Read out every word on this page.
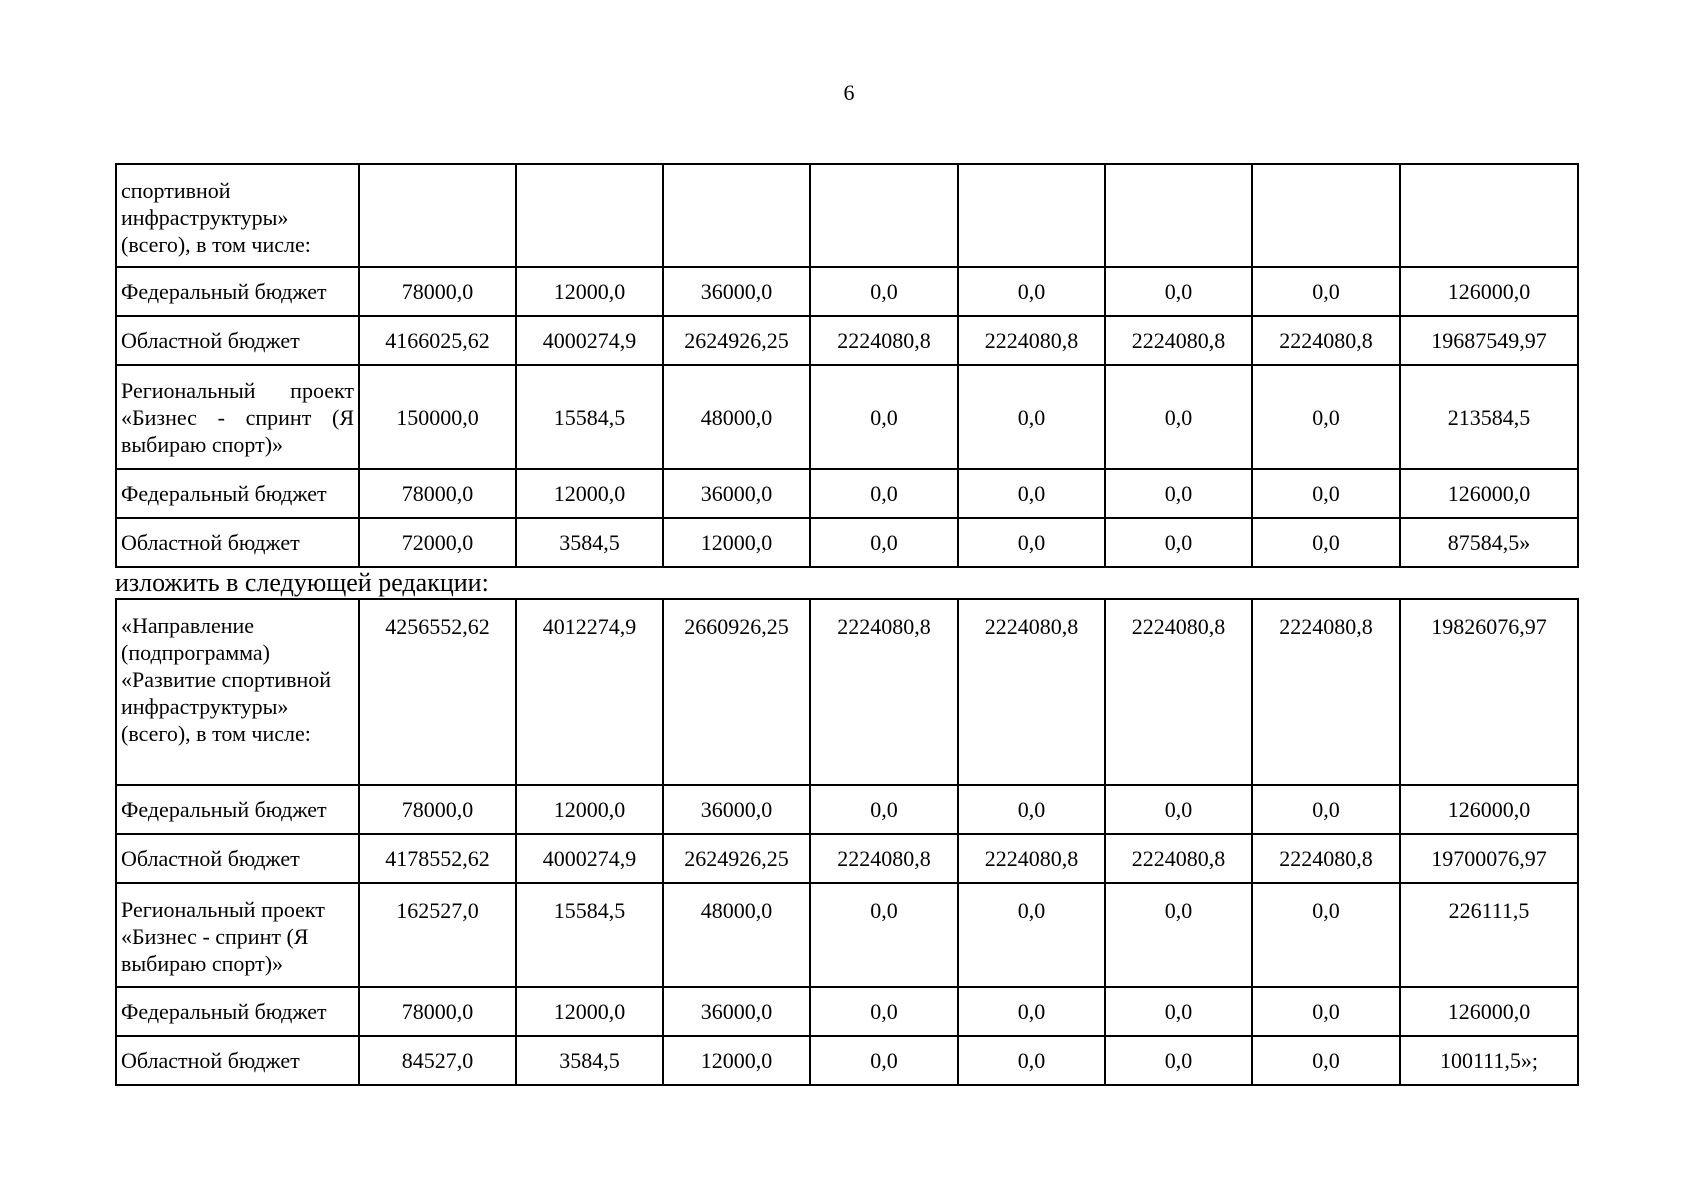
6
спортивной инфраструктуры» (всего), в том числе:								
Федеральный бюджет	78000,0	12000,0	36000,0	0,0	0,0	0,0	0,0	126000,0
Областной бюджет	4166025,62	4000274,9	2624926,25	2224080,8	2224080,8	2224080,8	2224080,8	19687549,97
Региональный проект «Бизнес - спринт (Я выбираю спорт)»	150000,0	15584,5	48000,0	0,0	0,0	0,0	0,0	213584,5
Федеральный бюджет	78000,0	12000,0	36000,0	0,0	0,0	0,0	0,0	126000,0
Областной бюджет	72000,0	3584,5	12000,0	0,0	0,0	0,0	0,0	87584,5»
изложить в следующей редакции:
«Направление (подпрограмма) «Развитие спортивной инфраструктуры» (всего), в том числе:	4256552,62	4012274,9	2660926,25	2224080,8	2224080,8	2224080,8	2224080,8	19826076,97
Федеральный бюджет	78000,0	12000,0	36000,0	0,0	0,0	0,0	0,0	126000,0
Областной бюджет	4178552,62	4000274,9	2624926,25	2224080,8	2224080,8	2224080,8	2224080,8	19700076,97
Региональный проект «Бизнес - спринт (Я выбираю спорт)»	162527,0	15584,5	48000,0	0,0	0,0	0,0	0,0	226111,5
Федеральный бюджет	78000,0	12000,0	36000,0	0,0	0,0	0,0	0,0	126000,0
Областной бюджет	84527,0	3584,5	12000,0	0,0	0,0	0,0	0,0	100111,5»;
